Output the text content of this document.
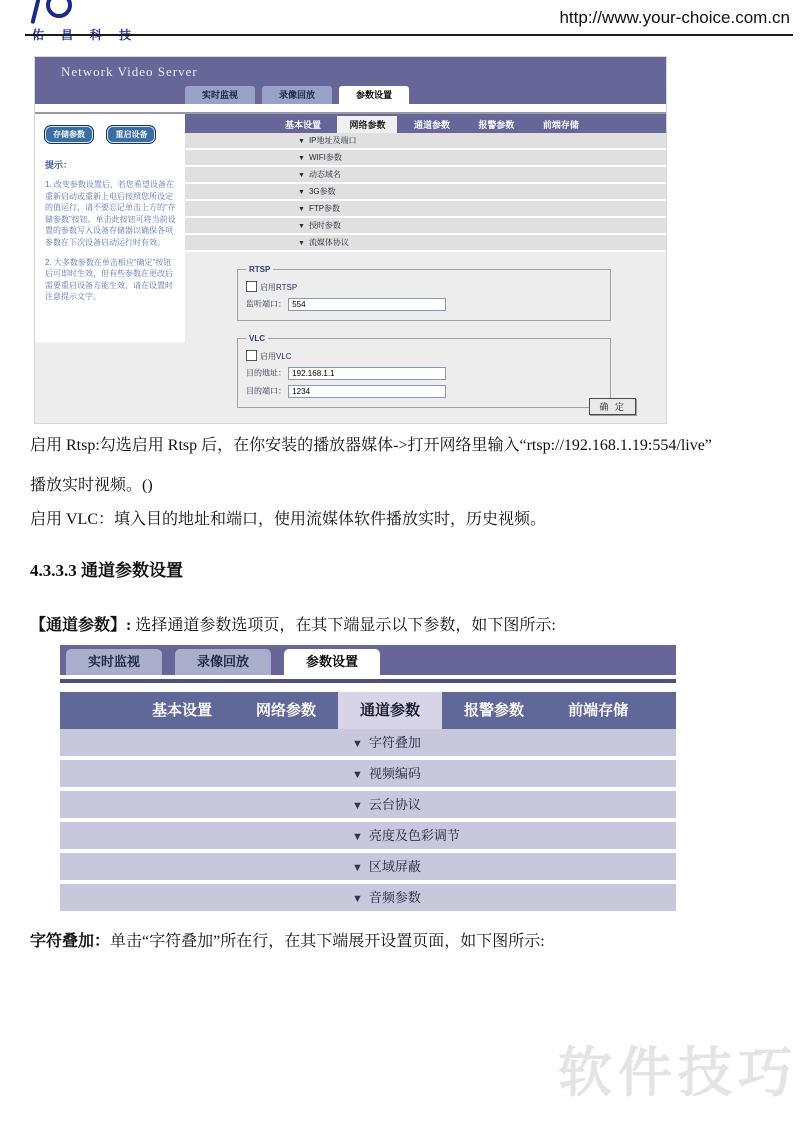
http://www.your-choice.com.cn
Network Video Server
实时监视	录像回放	参数设置
存储参数	重启设备
提示：
1. 改变参数设置后，若您希望设备在重新启动或重新上电后按照您所设定的值运行，请不要忘记单击上方的“存储参数”按钮。单击此按钮可将当前设置的参数写入设备存储器以确保各项参数在下次设备启动运行时有效。
2. 大多数参数在单击相应“确定”按钮后可即时生效，但有些参数在更改后需要重启设备方能生效，请在设置时注意提示文字。
基本设置	网络参数	通道参数	报警参数	前端存储
▼ IP地址及端口
▼ WIFI参数
▼ 动态域名
▼ 3G参数
▼ FTP参数
▼ 授时参数
▼ 流媒体协议
RTSP
启用RTSP
监听端口： 554
VLC
启用VLC
目的地址： 192.168.1.1
目的端口： 1234
确 定
启用 Rtsp:勾选启用 Rtsp 后，在你安装的播放器媒体->打开网络里输入“rtsp://192.168.1.19:554/live”
播放实时视频。()
启用 VLC：填入目的地址和端口，使用流媒体软件播放实时，历史视频。
4.3.3.3 通道参数设置
【通道参数】: 选择通道参数选项页，在其下端显示以下参数，如下图所示:
实时监视	录像回放	参数设置
基本设置	网络参数	通道参数	报警参数	前端存储
▼ 字符叠加
▼ 视频编码
▼ 云台协议
▼ 亮度及色彩调节
▼ 区域屏蔽
▼ 音频参数
字符叠加：单击“字符叠加”所在行，在其下端展开设置页面，如下图所示:
软件技巧
